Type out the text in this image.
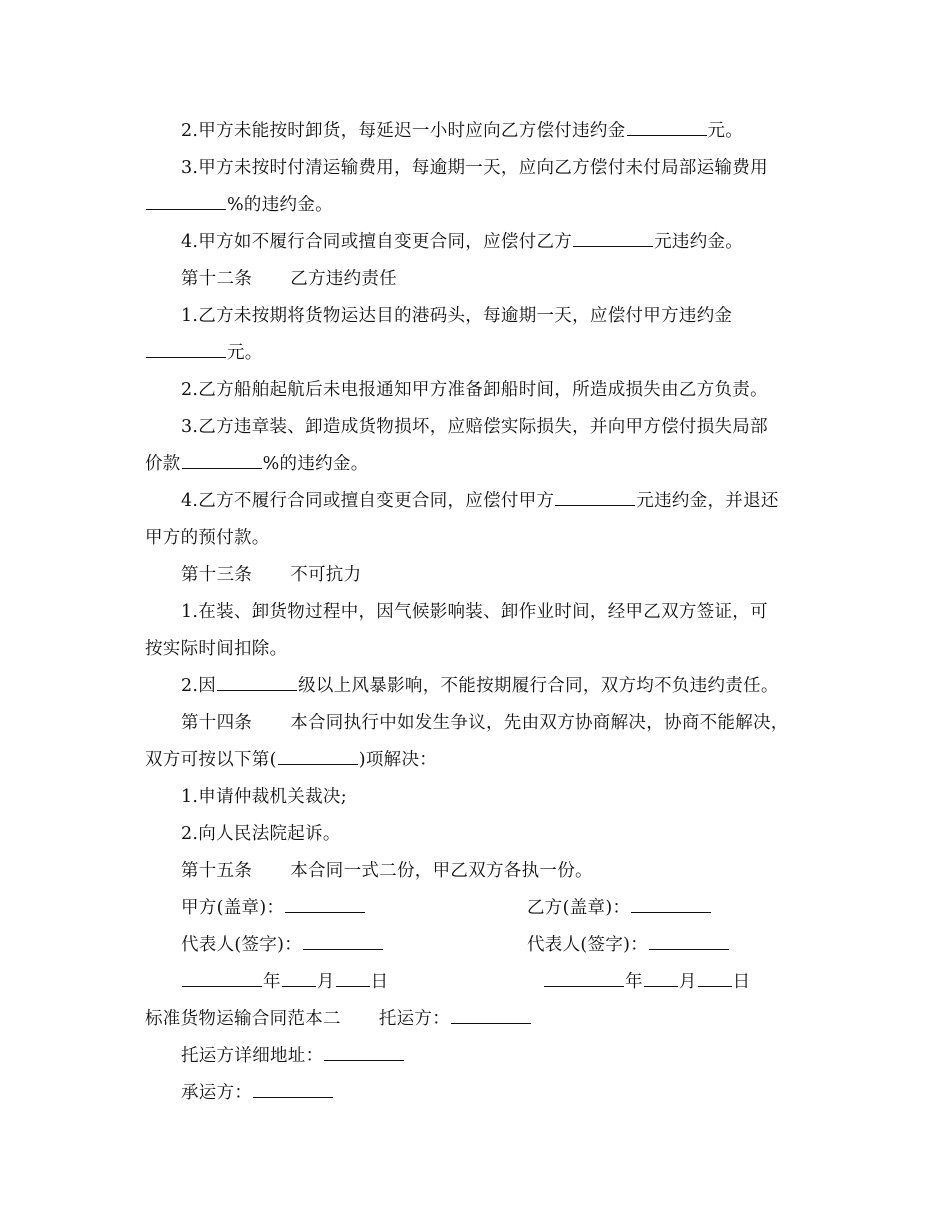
2.甲方未能按时卸货，每延迟一小时应向乙方偿付违约金	元。
3.甲方未按时付清运输费用，每逾期一天，应向乙方偿付未付局部运输费用
%的违约金。
4.甲方如不履行合同或擅自变更合同，应偿付乙方	元违约金。
第十二条 乙方违约责任
1.乙方未按期将货物运达目的港码头，每逾期一天，应偿付甲方违约金
元。
2.乙方船舶起航后未电报通知甲方准备卸船时间，所造成损失由乙方负责。
3.乙方违章装、卸造成货物损坏，应赔偿实际损失，并向甲方偿付损失局部
价款	%的违约金。
4.乙方不履行合同或擅自变更合同，应偿付甲方	元违约金，并退还
甲方的预付款。
第十三条 不可抗力
1.在装、卸货物过程中，因气候影响装、卸作业时间，经甲乙双方签证，可
按实际时间扣除。
2.因	级以上风暴影响，不能按期履行合同，双方均不负违约责任。
第十四条 本合同执行中如发生争议，先由双方协商解决，协商不能解决，
双方可按以下第(	)项解决：
1.申请仲裁机关裁决;
2.向人民法院起诉。
第十五条 本合同一式二份，甲乙双方各执一份。
甲方(盖章)：	乙方(盖章)：
代表人(签字)：	代表人(签字)：
年 月 日	年 月 日
标准货物运输合同范本二 托运方：
托运方详细地址：
承运方：
